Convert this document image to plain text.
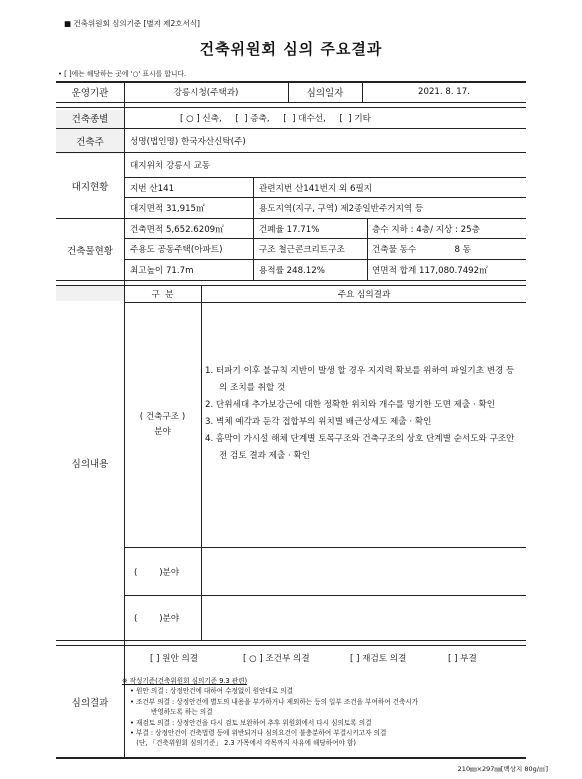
■ 건축위원회 심의기준 [별지 제2호서식]
건축위원회 심의 주요결과
• [ ]에는 해당하는 곳에 '○' 표시를 합니다.
운영기관	강릉시청(주택과)	심의일자	2021. 8. 17.
건축종별	[ ○ ] 신축,     [  ] 증축,     [  ] 대수선,     [  ] 기타
건축주	성명(법인명) 한국자산신탁(주)
대지현황
대지위치 강릉시 교동
지번 산141	관련지번 산141번지 외 6필지
대지면적 31,915㎡	용도지역(지구, 구역) 제2종일반주거지역 등
건축물현황
건축면적 5,652.6209㎡	건폐율 17.71%	층수 지하 : 4층/ 지상 : 25층
주용도 공동주택(아파트)	구조 철근콘크리트구조	건축물 동수              8 동
최고높이 71.7m	용적률 248.12%	연면적 합계 117,080.7492㎡
심의내용
구  분	주요 심의결과
( 건축구조 )
분야
1. 터파기 이후 불규칙 지반이 발생 할 경우 지지력 확보를 위하여 파일기초 변경 등의 조치를 취할 것
2. 단위세대 추가보강근에 대한 정확한 위치와 개수를 명기한 도면 제출 · 확인
3. 벽체 예각과 둔각 접합부의 위치별 배근상세도 제출 · 확인
4. 홈막이 가시설 해체 단계별 토목구조와 건축구조의 상호 단계별 순서도와 구조안전 검토 결과 제출 · 확인
(        )분야
(        )분야
심의결과
[ ] 원안 의결	[ ○ ] 조건부 의결	[ ] 재검토 의결	[ ] 부결
※ 작성기준(건축위원회 심의기준 9.3 관련)
• 원안 의결 : 상정안건에 대하여 수정없이 원안대로 의결
• 조건부 의결 : 상정안건에 별도의 내용을 부가하거나 제외하는 등의 일부 조건을 부여하여 건축시가
반영하도록 하는 의결
• 재검토 의결 : 상정안건을 다시 검토 보완하여 추후 위원회에서 다시 심의토록 의결
• 부결 : 상정안건이 건축법령 등에 위반되거나 심의요건이 불충분하여 부결시키고자 의결
(단, 「건축위원회 심의기준」 2.3 가목에서 각목까지 사유에 해당하여야 함)
210㎜×297㎜[백상지 80g/㎡]
